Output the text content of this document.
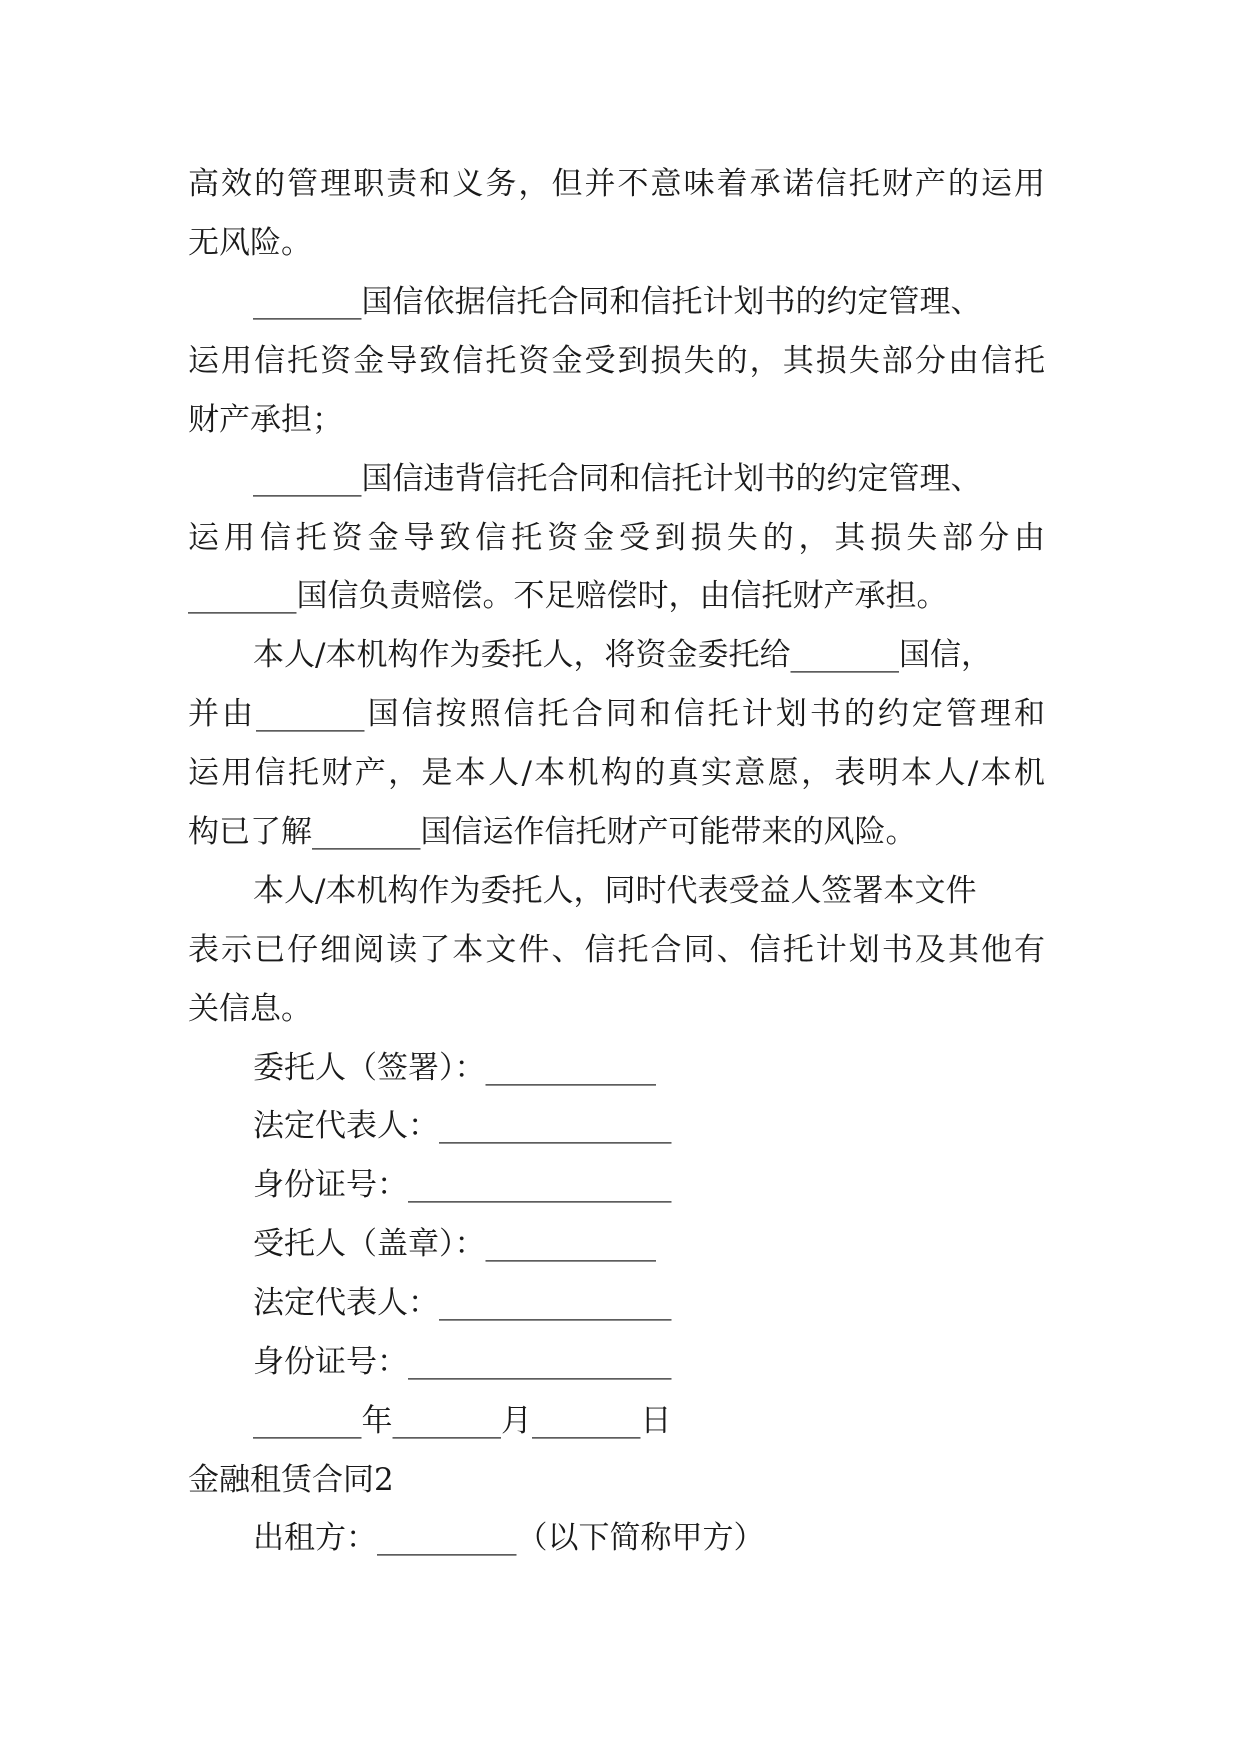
高效的管理职责和义务，但并不意味着承诺信托财产的运用
无风险。
_______国信依据信托合同和信托计划书的约定管理、
运用信托资金导致信托资金受到损失的，其损失部分由信托
财产承担；
_______国信违背信托合同和信托计划书的约定管理、
运用信托资金导致信托资金受到损失的，其损失部分由
_______国信负责赔偿。不足赔偿时，由信托财产承担。
本人/本机构作为委托人，将资金委托给_______国信，
并由_______国信按照信托合同和信托计划书的约定管理和
运用信托财产，是本人/本机构的真实意愿，表明本人/本机
构已了解_______国信运作信托财产可能带来的风险。
本人/本机构作为委托人，同时代表受益人签署本文件
表示已仔细阅读了本文件、信托合同、信托计划书及其他有
关信息。
委托人（签署）：___________
法定代表人：_______________
身份证号：_________________
受托人（盖章）：___________
法定代表人：_______________
身份证号：_________________
_______年_______月_______日
金融租赁合同2
出租方：_________（以下简称甲方）
